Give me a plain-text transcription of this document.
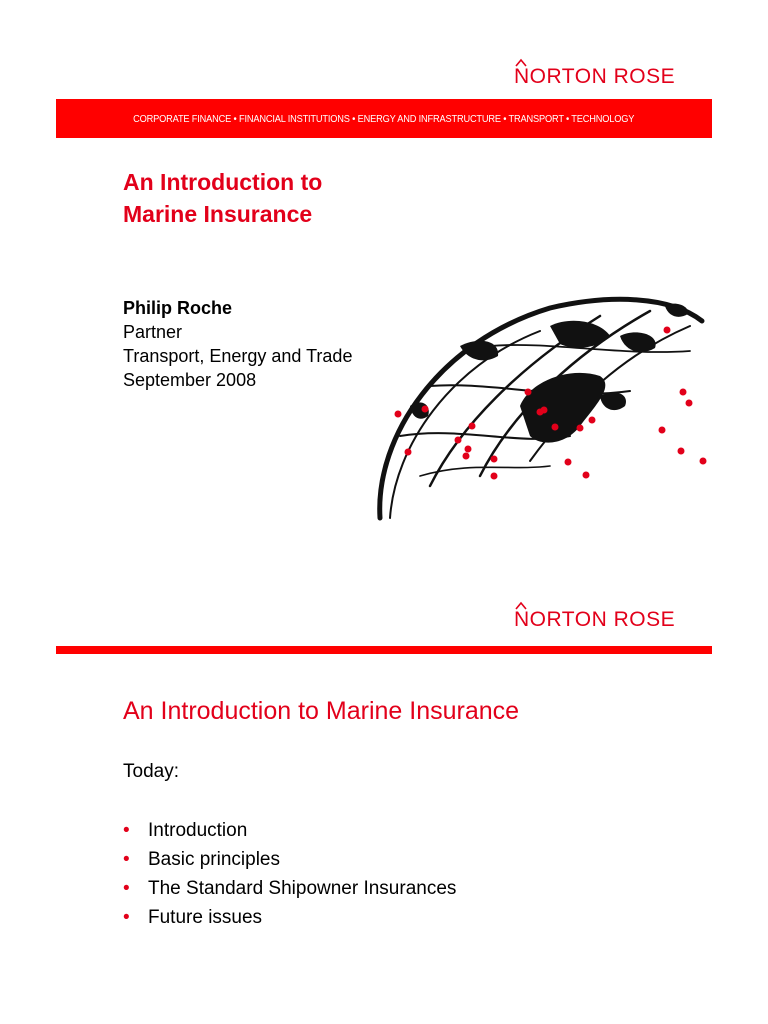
NORTON ROSE
CORPORATE FINANCE • FINANCIAL INSTITUTIONS • ENERGY AND INFRASTRUCTURE • TRANSPORT • TECHNOLOGY
An Introduction to
Marine Insurance
Philip Roche
Partner
Transport, Energy and Trade
September 2008
NORTON ROSE
An Introduction to Marine Insurance
Today:
• Introduction
• Basic principles
• The Standard Shipowner Insurances
• Future issues
